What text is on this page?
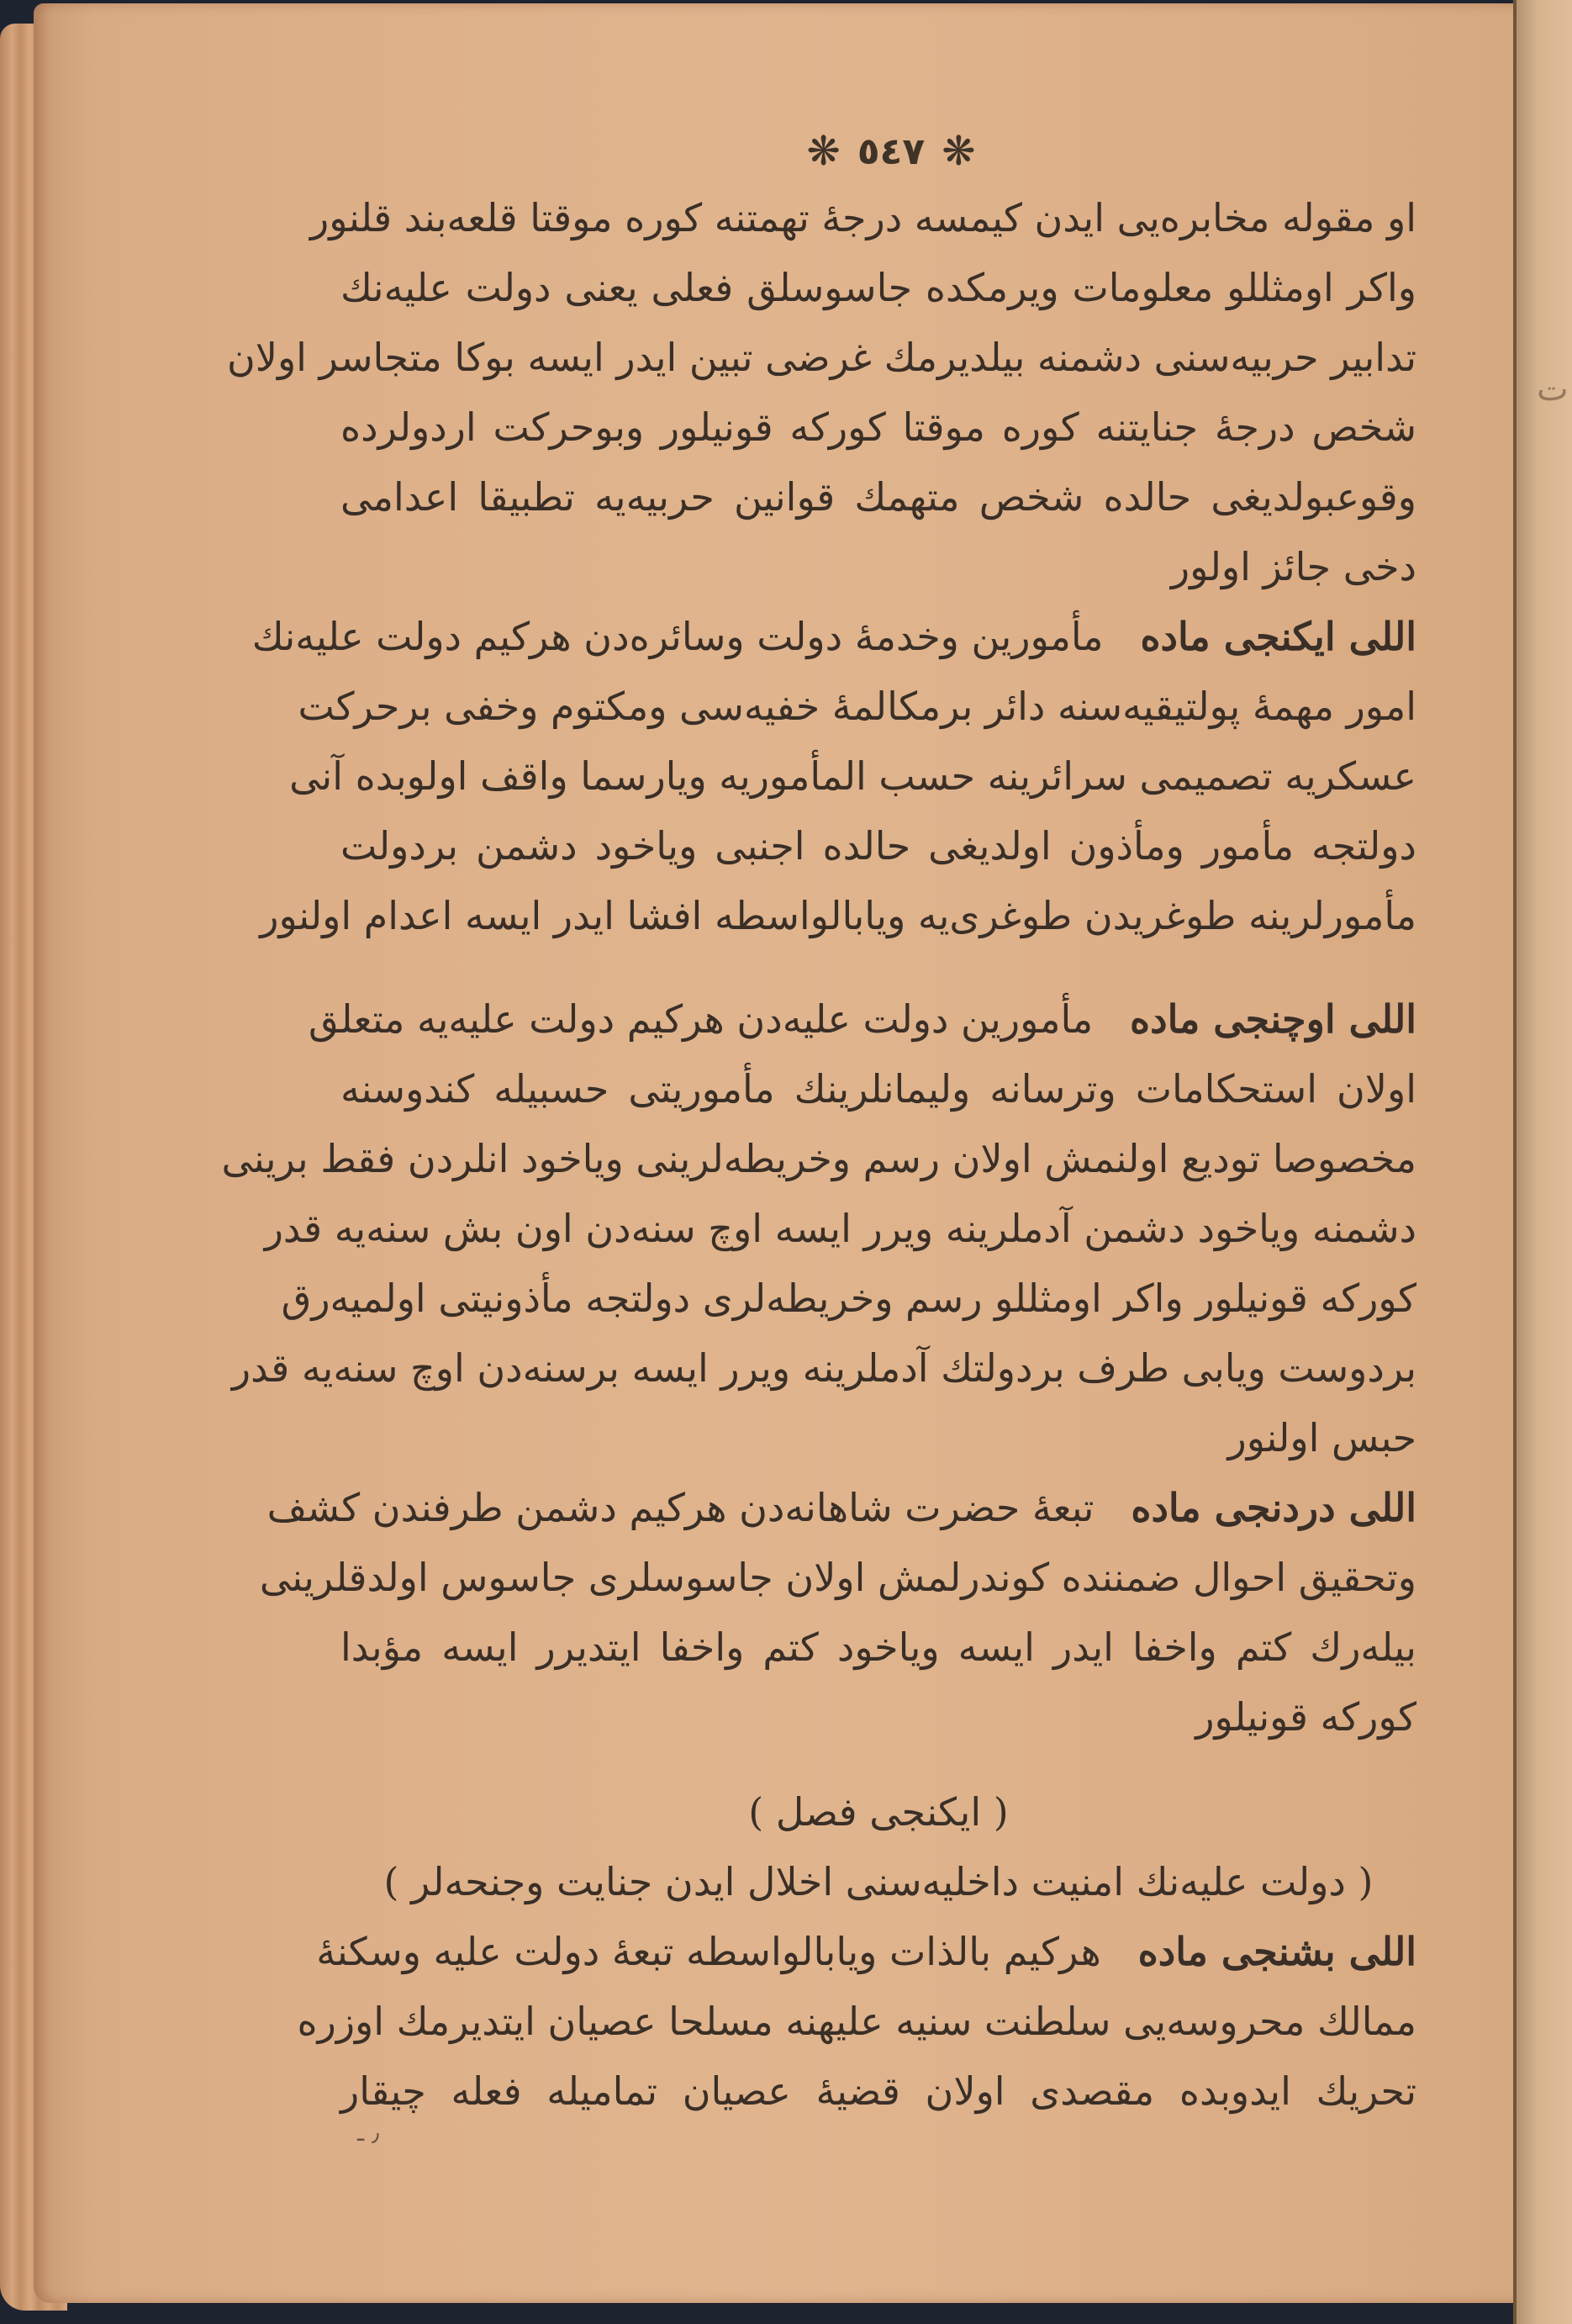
ﺕ
❋ ٥٤٧ ❋
او مقوله مخابره‌یی ایدن کیمسه درجهٔ تهمتنه کوره موقتا قلعه‌بند قلنور
واکر اومثللو معلومات ویرمکده جاسوسلق فعلی یعنی دولت علیه‌نك
تدابیر حربیه‌سنی دشمنه بیلدیرمك غرضی تبین ایدر ایسه بوکا متجاسر اولان
شخص درجهٔ جنایتنه کوره موقتا کورکه قونیلور وبوحرکت اردولرده
وقوعبولدیغی حالده شخص متهمك قوانین حربیه‌یه تطبیقا اعدامی
دخی جائز اولور
اللی ایکنجی ماده   مأمورین وخدمهٔ دولت وسائره‌دن هرکیم دولت علیه‌نك
امور مهمهٔ پولتیقیه‌سنه دائر برمکالمهٔ خفیه‌سی ومکتوم وخفی برحرکت
عسکریه تصمیمی سرائرینه حسب المأموریه ویارسما واقف اولوبده آنی
دولتجه مأمور ومأذون اولدیغی حالده اجنبی ویاخود دشمن بردولت
مأمورلرینه طوغریدن طوغری‌یه ویابالواسطه افشا ایدر ایسه اعدام اولنور
اللی اوچنجی ماده   مأمورین دولت علیه‌دن هرکیم دولت علیه‌یه متعلق
اولان استحکامات وترسانه ولیمانلرینك مأموریتی حسبیله کندوسنه
مخصوصا تودیع اولنمش اولان رسم وخریطه‌لرینی ویاخود انلردن فقط برینی
دشمنه ویاخود دشمن آدملرینه ویرر ایسه اوچ سنه‌دن اون بش سنه‌یه قدر
کورکه قونیلور واکر اومثللو رسم وخریطه‌لری دولتجه مأذونیتی اولمیه‌رق
بردوست ویابی طرف بردولتك آدملرینه ویرر ایسه برسنه‌دن اوچ سنه‌یه قدر
حبس اولنور
اللی دردنجی ماده   تبعهٔ حضرت شاهانه‌دن هرکیم دشمن طرفندن کشف
وتحقیق احوال ضمننده کوندرلمش اولان جاسوسلری جاسوس اولدقلرینی
بیله‌رك کتم واخفا ایدر ایسه ویاخود کتم واخفا ایتدیرر ایسه مؤبدا
کورکه قونیلور
( ایکنجی فصل )
( دولت علیه‌نك امنیت داخلیه‌سنی اخلال ایدن جنایت وجنحه‌لر )
اللی بشنجی ماده   هرکیم بالذات ویابالواسطه تبعهٔ دولت علیه وسکنهٔ
ممالك محروسه‌یی سلطنت سنیه علیهنه مسلحا عصیان ایتدیرمك اوزره
تحریك ایدوبده مقصدی اولان قضیهٔ عصیان تمامیله فعله چیقار
٫ ـ
